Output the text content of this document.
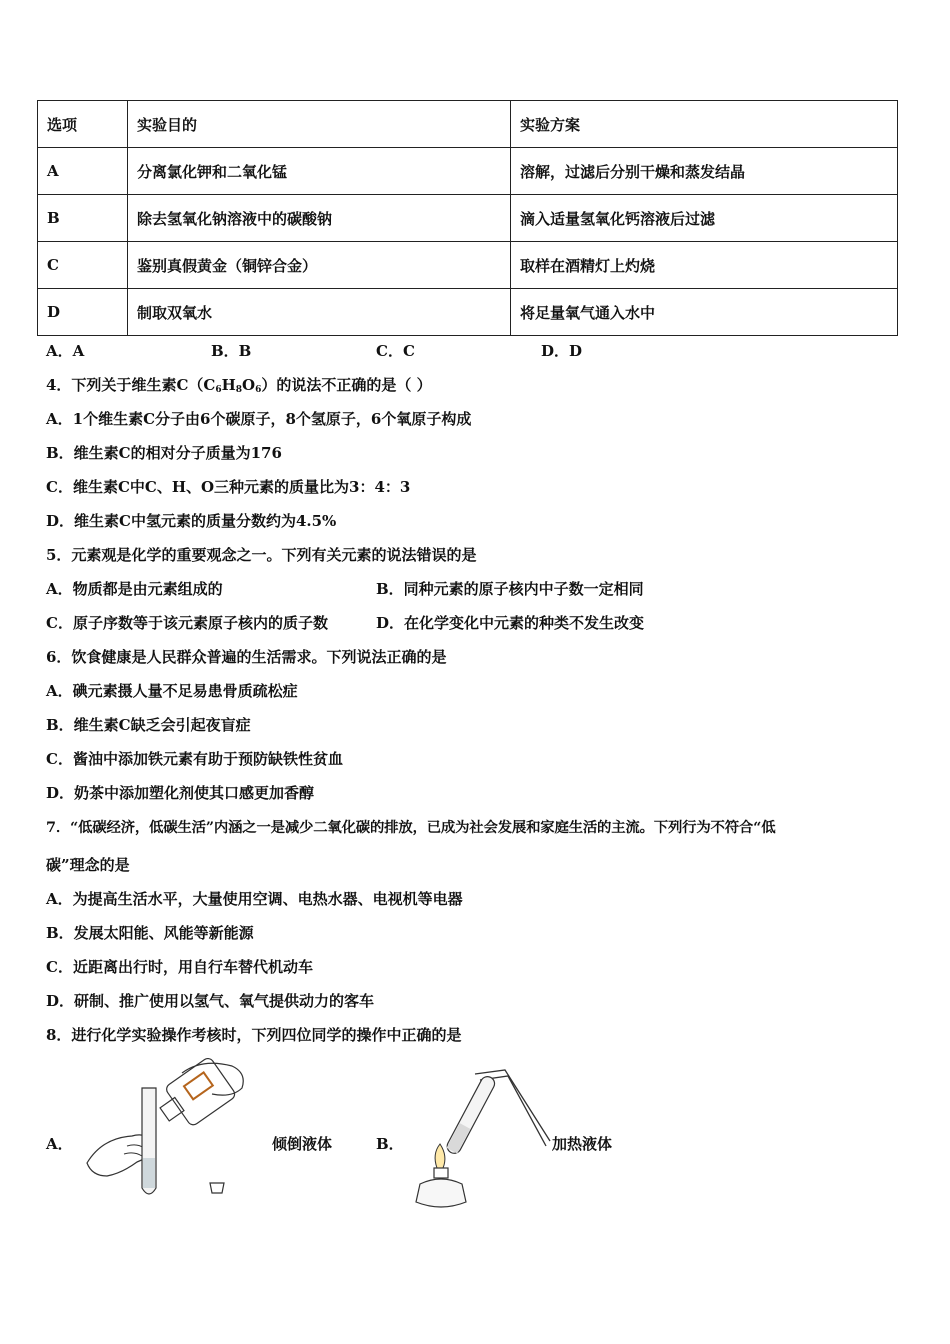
选项	实验目的	实验方案
A	分离氯化钾和二氧化锰	溶解，过滤后分别干燥和蒸发结晶
B	除去氢氧化钠溶液中的碳酸钠	滴入适量氢氧化钙溶液后过滤
C	鉴别真假黄金（铜锌合金）	取样在酒精灯上灼烧
D	制取双氧水	将足量氧气通入水中
A．A	B．B	C．C	D．D
4．下列关于维生素$C(C_6H_8O_6)$的说法不正确的是（ ）
A．1个维生素C分子由6个碳原子，8个氢原子，6个氧原子构成
B．维生素C的相对分子质量为176
C．维生素C中C、H、O三种元素的质量比为3：4：3
D．维生素C中氢元素的质量分数约为4.5%
5．元素观是化学的重要观念之一。下列有关元素的说法错误的是
A．物质都是由元素组成的	B．同种元素的原子核内中子数一定相同
C．原子序数等于该元素原子核内的质子数	D．在化学变化中元素的种类不发生改变
6．饮食健康是人民群众普遍的生活需求。下列说法正确的是
A．碘元素摄人量不足易患骨质疏松症
B．维生素C缺乏会引起夜盲症
C．酱油中添加铁元素有助于预防缺铁性贫血
D．奶茶中添加塑化剂使其口感更加香醇
7．“低碳经济，低碳生活”内涵之一是减少二氧化碳的排放，已成为社会发展和家庭生活的主流。下列行为不符合“低
碳”理念的是
A．为提高生活水平，大量使用空调、电热水器、电视机等电器
B．发展太阳能、风能等新能源
C．近距离出行时，用自行车替代机动车
D．研制、推广使用以氢气、氧气提供动力的客车
8．进行化学实验操作考核时，下列四位同学的操作中正确的是
A．	倾倒液体	B．	加热液体
